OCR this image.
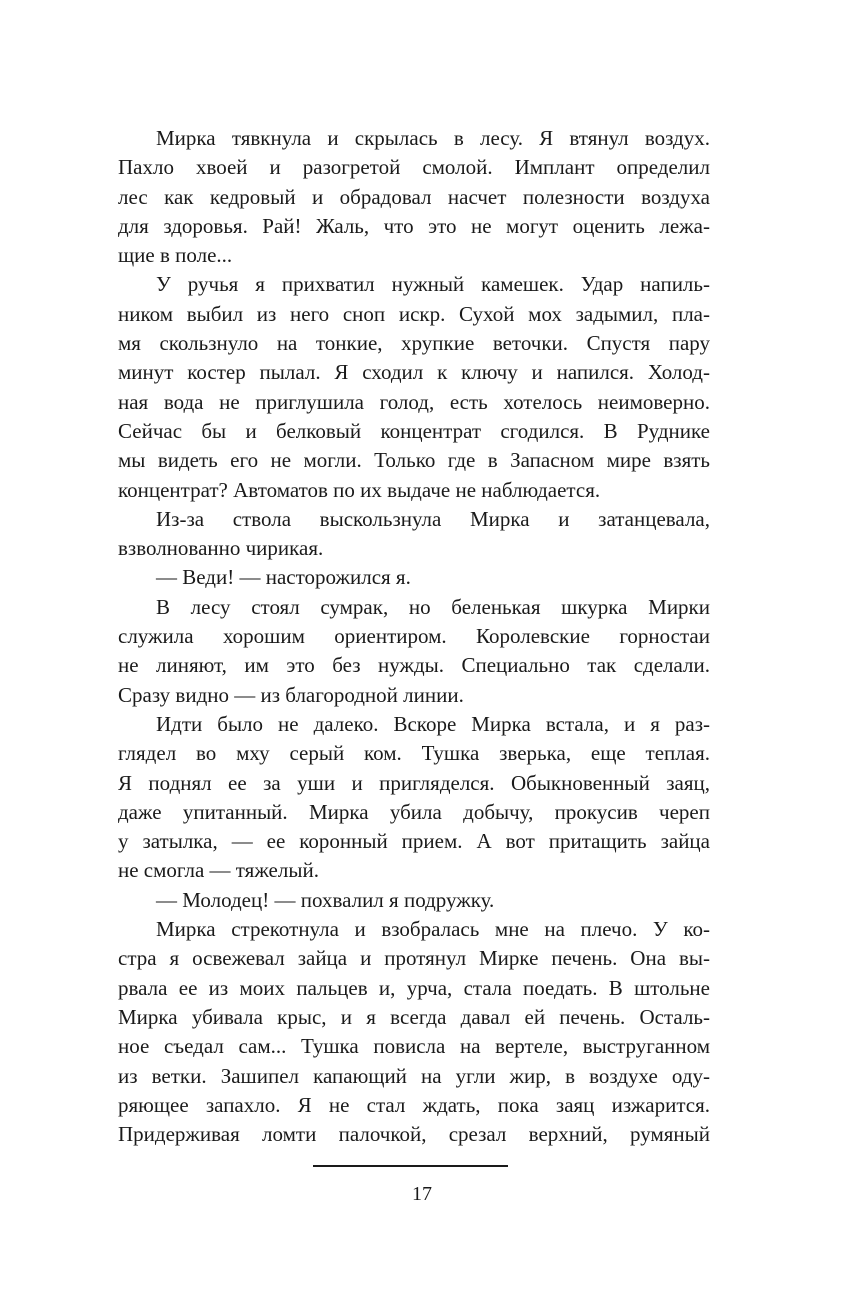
Мирка тявкнула и скрылась в лесу. Я втянул воздух.
Пахло хвоей и разогретой смолой. Имплант определил
лес как кедровый и обрадовал насчет полезности воздуха
для здоровья. Рай! Жаль, что это не могут оценить лежа-
щие в поле...
У ручья я прихватил нужный камешек. Удар напиль-
ником выбил из него сноп искр. Сухой мох задымил, пла-
мя скользнуло на тонкие, хрупкие веточки. Спустя пару
минут костер пылал. Я сходил к ключу и напился. Холод-
ная вода не приглушила голод, есть хотелось неимоверно.
Сейчас бы и белковый концентрат сгодился. В Руднике
мы видеть его не могли. Только где в Запасном мире взять
концентрат? Автоматов по их выдаче не наблюдается.
Из-за ствола выскользнула Мирка и затанцевала,
взволнованно чирикая.
— Веди! — насторожился я.
В лесу стоял сумрак, но беленькая шкурка Мирки
служила хорошим ориентиром. Королевские горностаи
не линяют, им это без нужды. Специально так сделали.
Сразу видно — из благородной линии.
Идти было не далеко. Вскоре Мирка встала, и я раз-
глядел во мху серый ком. Тушка зверька, еще теплая.
Я поднял ее за уши и пригляделся. Обыкновенный заяц,
даже упитанный. Мирка убила добычу, прокусив череп
у затылка, — ее коронный прием. А вот притащить зайца
не смогла — тяжелый.
— Молодец! — похвалил я подружку.
Мирка стрекотнула и взобралась мне на плечо. У ко-
стра я освежевал зайца и протянул Мирке печень. Она вы-
рвала ее из моих пальцев и, урча, стала поедать. В штольне
Мирка убивала крыс, и я всегда давал ей печень. Осталь-
ное съедал сам... Тушка повисла на вертеле, выструганном
из ветки. Зашипел капающий на угли жир, в воздухе оду-
ряющее запахло. Я не стал ждать, пока заяц изжарится.
Придерживая ломти палочкой, срезал верхний, румяный
17
